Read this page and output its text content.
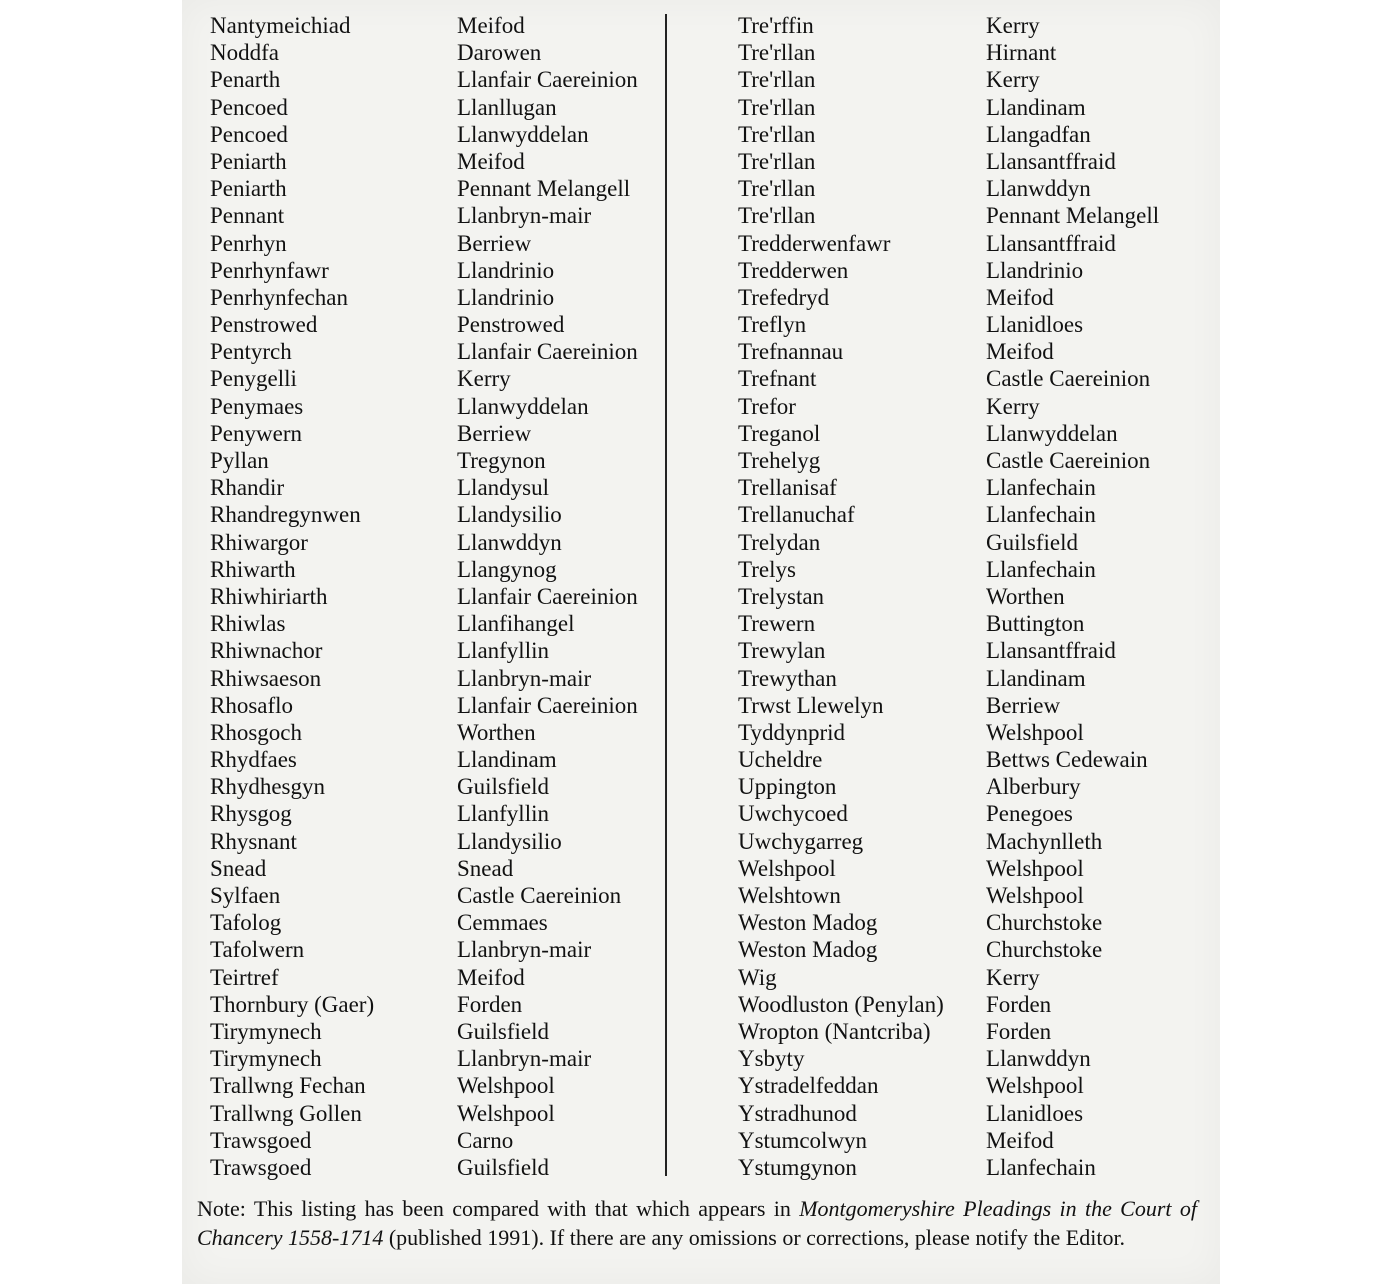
Nantymeichiad
Noddfa
Penarth
Pencoed
Pencoed
Peniarth
Peniarth
Pennant
Penrhyn
Penrhynfawr
Penrhynfechan
Penstrowed
Pentyrch
Penygelli
Penymaes
Penywern
Pyllan
Rhandir
Rhandregynwen
Rhiwargor
Rhiwarth
Rhiwhiriarth
Rhiwlas
Rhiwnachor
Rhiwsaeson
Rhosaflo
Rhosgoch
Rhydfaes
Rhydhesgyn
Rhysgog
Rhysnant
Snead
Sylfaen
Tafolog
Tafolwern
Teirtref
Thornbury (Gaer)
Tirymynech
Tirymynech
Trallwng Fechan
Trallwng Gollen
Trawsgoed
Trawsgoed
Meifod
Darowen
Llanfair Caereinion
Llanllugan
Llanwyddelan
Meifod
Pennant Melangell
Llanbryn-mair
Berriew
Llandrinio
Llandrinio
Penstrowed
Llanfair Caereinion
Kerry
Llanwyddelan
Berriew
Tregynon
Llandysul
Llandysilio
Llanwddyn
Llangynog
Llanfair Caereinion
Llanfihangel
Llanfyllin
Llanbryn-mair
Llanfair Caereinion
Worthen
Llandinam
Guilsfield
Llanfyllin
Llandysilio
Snead
Castle Caereinion
Cemmaes
Llanbryn-mair
Meifod
Forden
Guilsfield
Llanbryn-mair
Welshpool
Welshpool
Carno
Guilsfield
Tre'rffin
Tre'rllan
Tre'rllan
Tre'rllan
Tre'rllan
Tre'rllan
Tre'rllan
Tre'rllan
Tredderwenfawr
Tredderwen
Trefedryd
Treflyn
Trefnannau
Trefnant
Trefor
Treganol
Trehelyg
Trellanisaf
Trellanuchaf
Trelydan
Trelys
Trelystan
Trewern
Trewylan
Trewythan
Trwst Llewelyn
Tyddynprid
Ucheldre
Uppington
Uwchycoed
Uwchygarreg
Welshpool
Welshtown
Weston Madog
Weston Madog
Wig
Woodluston (Penylan)
Wropton (Nantcriba)
Ysbyty
Ystradelfeddan
Ystradhunod
Ystumcolwyn
Ystumgynon
Kerry
Hirnant
Kerry
Llandinam
Llangadfan
Llansantffraid
Llanwddyn
Pennant Melangell
Llansantffraid
Llandrinio
Meifod
Llanidloes
Meifod
Castle Caereinion
Kerry
Llanwyddelan
Castle Caereinion
Llanfechain
Llanfechain
Guilsfield
Llanfechain
Worthen
Buttington
Llansantffraid
Llandinam
Berriew
Welshpool
Bettws Cedewain
Alberbury
Penegoes
Machynlleth
Welshpool
Welshpool
Churchstoke
Churchstoke
Kerry
Forden
Forden
Llanwddyn
Welshpool
Llanidloes
Meifod
Llanfechain
Note: This listing has been compared with that which appears in Montgomeryshire Pleadings in the Court of Chancery 1558-1714 (published 1991). If there are any omissions or corrections, please notify the Editor.
